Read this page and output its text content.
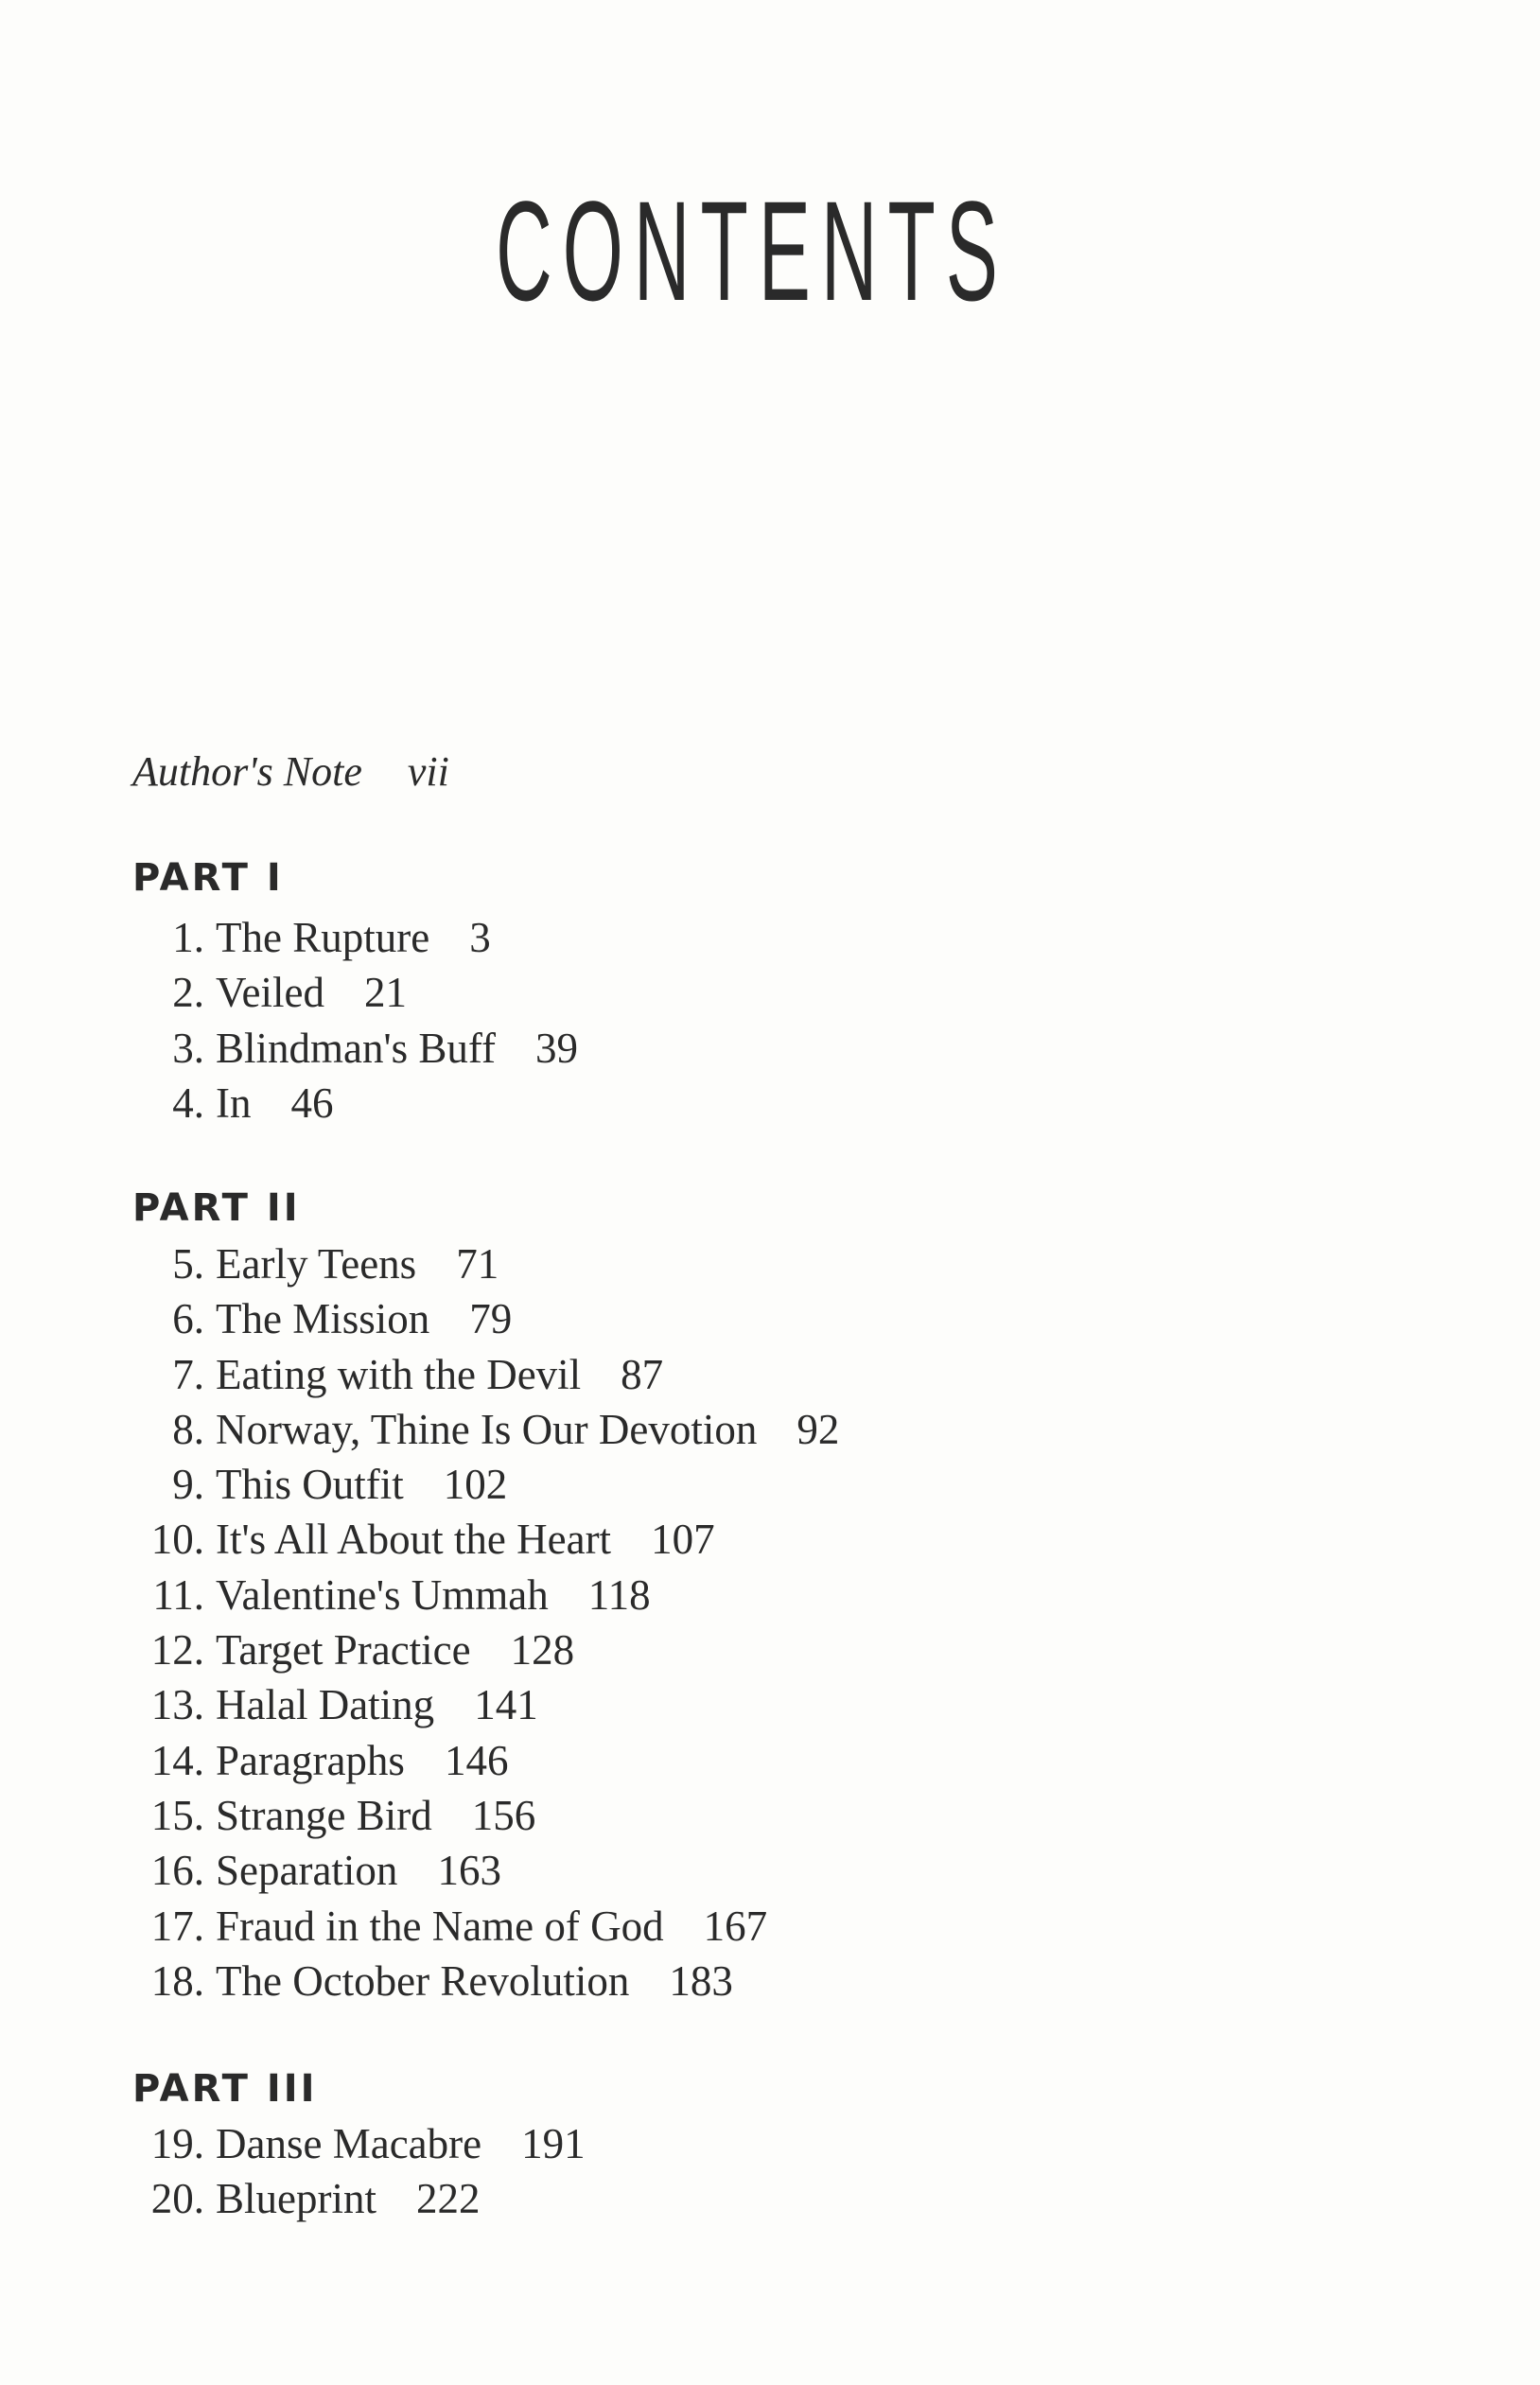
CONTENTS
Author's Note vii
PART I
1. The Rupture 3
2. Veiled 21
3. Blindman's Buff 39
4. In 46
PART II
5. Early Teens 71
6. The Mission 79
7. Eating with the Devil 87
8. Norway, Thine Is Our Devotion 92
9. This Outfit 102
10. It's All About the Heart 107
11. Valentine's Ummah 118
12. Target Practice 128
13. Halal Dating 141
14. Paragraphs 146
15. Strange Bird 156
16. Separation 163
17. Fraud in the Name of God 167
18. The October Revolution 183
PART III
19. Danse Macabre 191
20. Blueprint 222
